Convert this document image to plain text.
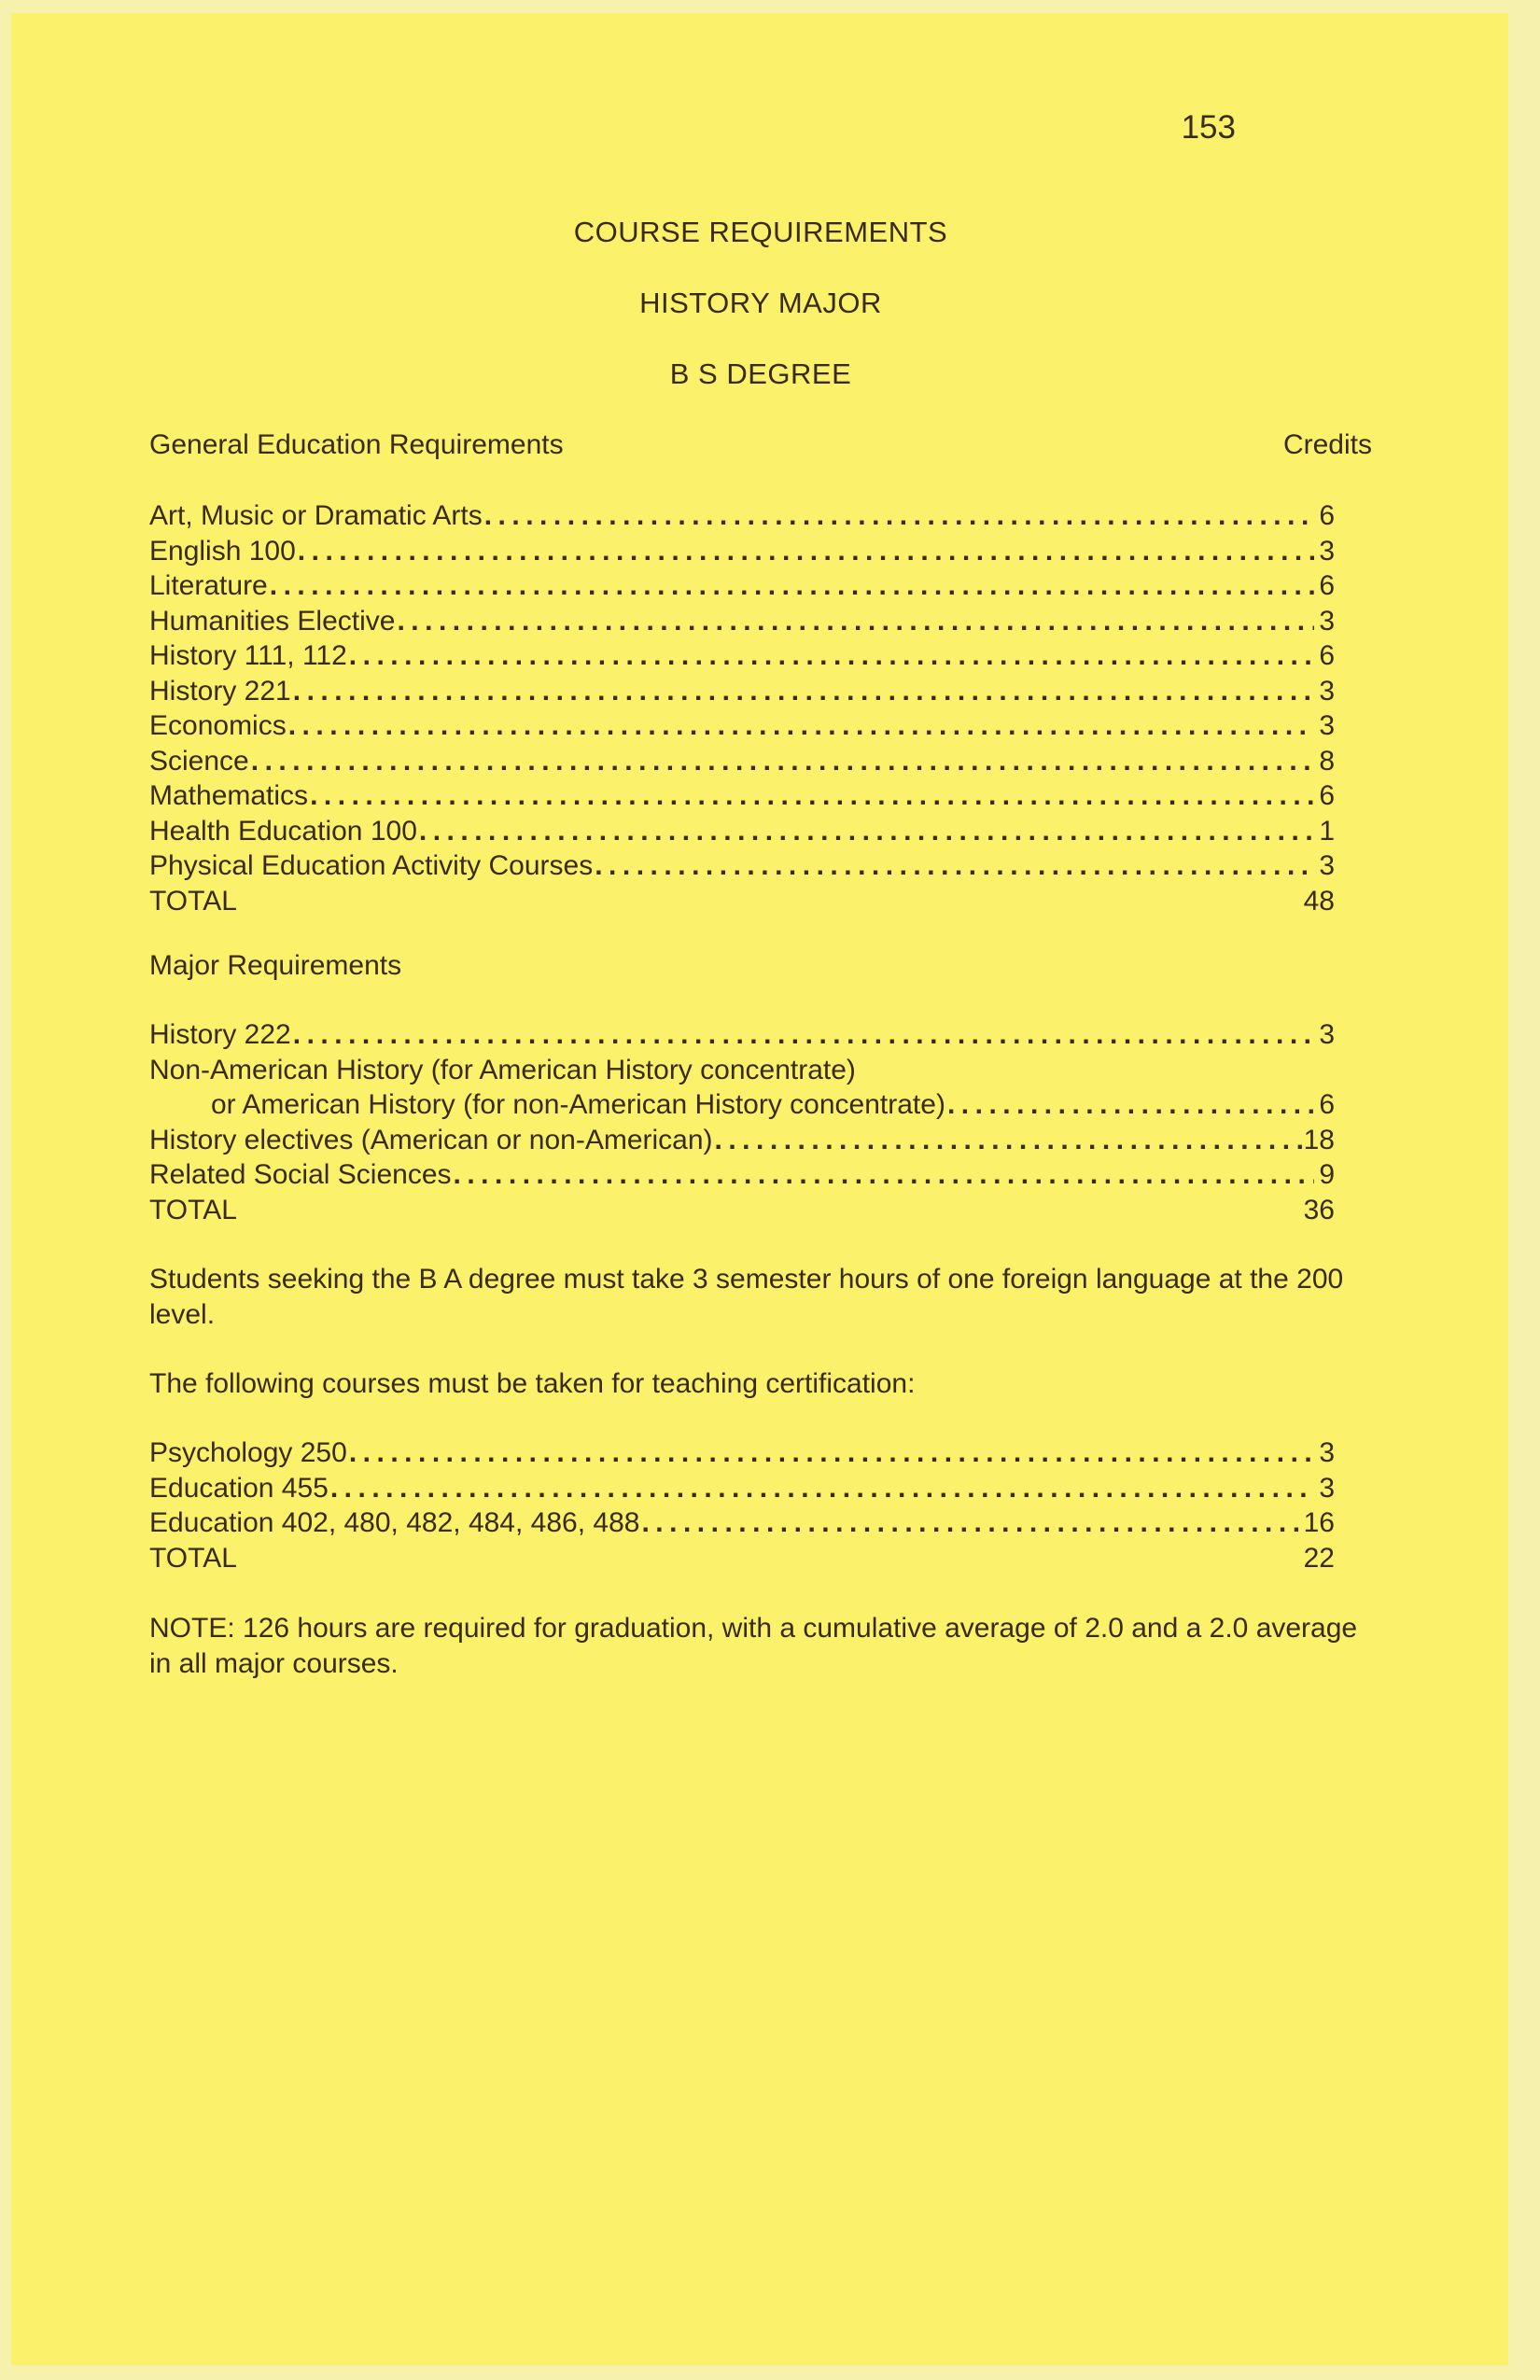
153
COURSE REQUIREMENTS
HISTORY MAJOR
B S DEGREE
General Education Requirements	Credits
Art, Music or Dramatic Arts .....	6
English 100 .....	3
Literature .....	6
Humanities Elective .....	3
History 111, 112 .....	6
History 221 .....	3
Economics .....	3
Science .....	8
Mathematics .....	6
Health Education 100 .....	1
Physical Education Activity Courses .....	3
TOTAL	48
Major Requirements
History 222 .....	3
Non-American History (for American History concentrate)
or American History (for non-American History concentrate) .....	6
History electives (American or non-American) .....	18
Related Social Sciences .....	9
TOTAL	36
Students seeking the B A degree must take 3 semester hours of one foreign language at the 200 level.
The following courses must be taken for teaching certification:
Psychology 250 .....	3
Education 455 .....	3
Education 402, 480, 482, 484, 486, 488 .....	16
TOTAL	22
NOTE: 126 hours are required for graduation, with a cumulative average of 2.0 and a 2.0 average in all major courses.
